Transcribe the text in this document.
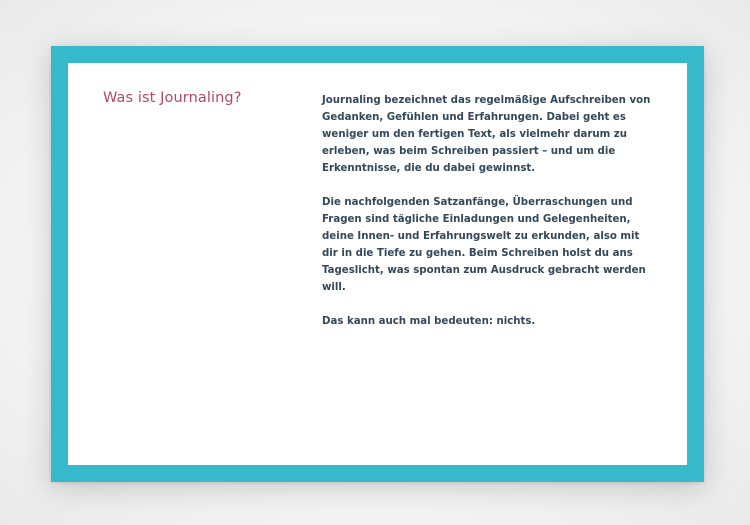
Was ist Journaling?	Journaling bezeichnet das regelmäßige Aufschreiben von Gedanken, Gefühlen und Erfahrungen. Dabei geht es weniger um den fertigen Text, als vielmehr darum zu erleben, was beim Schreiben passiert – und um die Erkenntnisse, die du dabei gewinnst.

Die nachfolgenden Satzanfänge, Überraschungen und Fragen sind tägliche Einladungen und Gelegenheiten, deine Innen- und Erfahrungswelt zu erkunden, also mit dir in die Tiefe zu gehen. Beim Schreiben holst du ans Tageslicht, was spontan zum Ausdruck gebracht werden will.

Das kann auch mal bedeuten: nichts.
